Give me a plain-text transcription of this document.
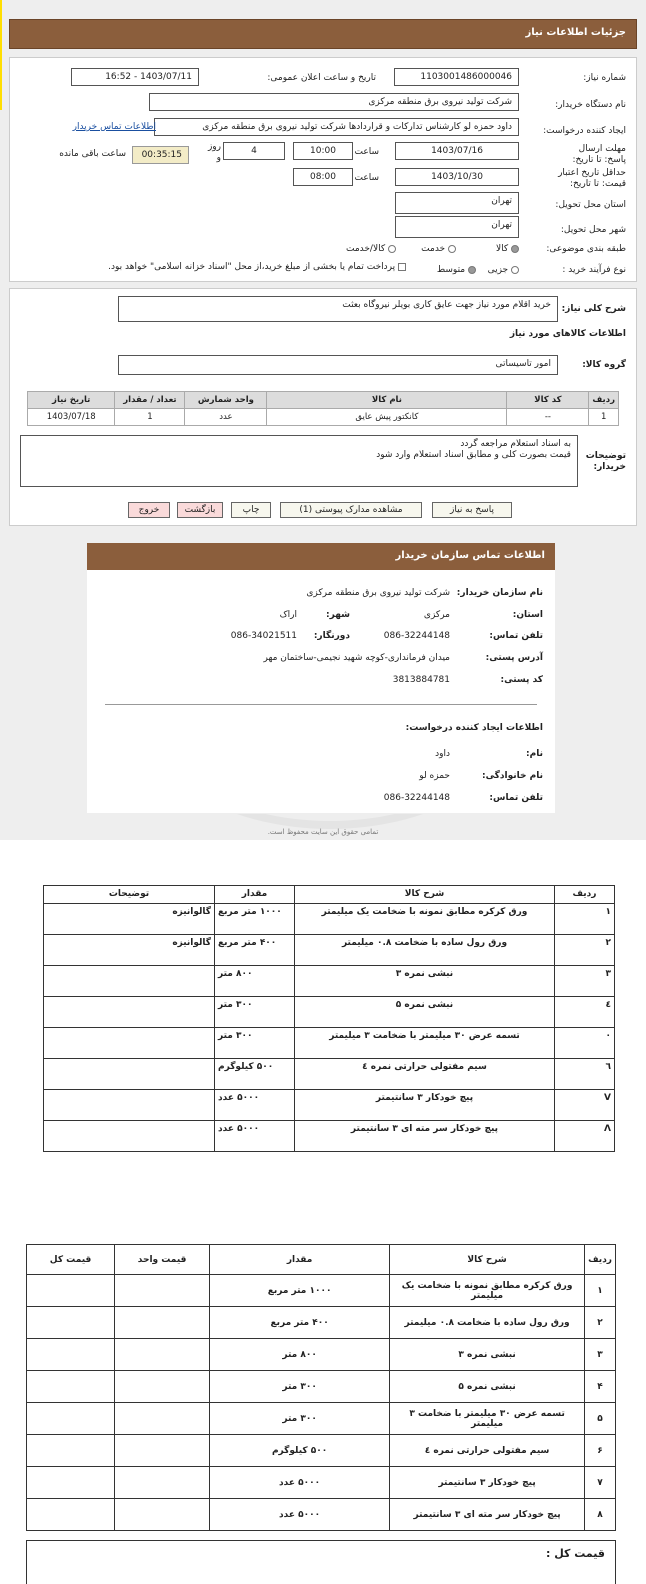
جزئیات اطلاعات نیاز
شماره نیاز:
1103001486000046
تاریخ و ساعت اعلان عمومی:
1403/07/11 - 16:52
نام دستگاه خریدار:
شرکت تولید نیروی برق منطقه مرکزی
ایجاد کننده درخواست:
داود حمزه لو کارشناس تدارکات و قراردادها شرکت تولید نیروی برق منطقه مرکزی
اطلاعات تماس خریدار
مهلت ارسال پاسخ: تا تاریخ:
1403/07/16
ساعت
10:00
4
روز و
00:35:15
ساعت باقی مانده
حداقل تاریخ اعتبار قیمت: تا تاریخ:
1403/10/30
ساعت
08:00
استان محل تحویل:
تهران
شهر محل تحویل:
تهران
طبقه بندی موضوعی:
کالا
خدمت
کالا/خدمت
نوع فرآیند خرید :
جزیی
متوسط
پرداخت تمام یا بخشی از مبلغ خرید،از محل "اسناد خزانه اسلامی" خواهد بود.
شرح کلی نیاز:
خرید اقلام مورد نیاز جهت عایق کاری بویلر نیروگاه بعثت
اطلاعات کالاهای مورد نیاز
گروه کالا:
امور تاسیساتی
توضیحات خریدار:
به اسناد استعلام مراجعه گردد
قیمت بصورت کلی و مطابق اسناد استعلام وارد شود
ردیف	کد کالا	نام کالا	واحد شمارش	تعداد / مقدار	تاریخ نیاز
1	--	کانکتور پیش عایق	عدد	1	1403/07/18
پاسخ به نیاز
مشاهده مدارک پیوستی (1)
چاپ
بازگشت
خروج
اطلاعات تماس سازمان خریدار
نام سازمان خریدار:
شرکت تولید نیروی برق منطقه مرکزی
استان:
مرکزی
شهر:
اراک
تلفن تماس:
086-32244148
دورنگار:
086-34021511
آدرس پستی:
میدان فرمانداری-کوچه شهید نجیمی-ساختمان مهر
کد پستی:
3813884781
اطلاعات ایجاد کننده درخواست:
نام:
داود
نام خانوادگی:
حمزه لو
تلفن تماس:
086-32244148
تمامی حقوق این سایت محفوظ است.
ردیف	شرح کالا	مقدار	توضیحات
۱	ورق کرکره مطابق نمونه با ضخامت یک میلیمتر	۱۰۰۰ متر مربع	گالوانیزه
۲	ورق رول ساده با ضخامت ۰.۸ میلیمتر	۴۰۰ متر مربع	گالوانیزه
۳	نبشی نمره ۳	۸۰۰ متر	
٤	نبشی نمره ۵	۳۰۰ متر	
۰	تسمه عرض ۳۰ میلیمتر با ضخامت ۳ میلیمتر	۳۰۰ متر	
٦	سیم مفتولی حرارتی نمره ٤	۵۰۰ کیلوگرم	
V	پیچ خودکار ۳ سانتیمتر	۵۰۰۰ عدد	
Λ	پیچ خودکار سر مته ای ۳ سانتیمتر	۵۰۰۰ عدد	
ردیف	شرح کالا	مقدار	قیمت واحد	قیمت کل
۱	ورق کرکره مطابق نمونه با ضخامت یک میلیمتر	۱۰۰۰ متر مربع		
۲	ورق رول ساده با ضخامت ۰.۸ میلیمتر	۴۰۰ متر مربع		
۳	نبشی نمره ۳	۸۰۰ متر		
۴	نبشی نمره ۵	۳۰۰ متر		
۵	تسمه عرض ۳۰ میلیمتر با ضخامت ۳ میلیمتر	۳۰۰ متر		
۶	سیم مفتولی حرارتی نمره ٤	۵۰۰ کیلوگرم		
۷	پیچ خودکار ۳ سانتیمتر	۵۰۰۰ عدد		
۸	پیچ خودکار سر مته ای ۳ سانتیمتر	۵۰۰۰ عدد		
قیمت کل :
